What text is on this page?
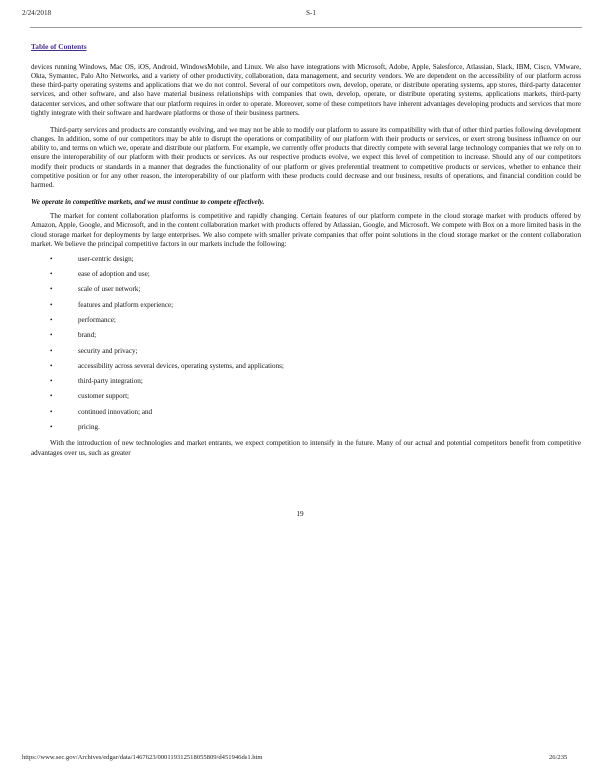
2/24/2018	S-1
Table of Contents

devices running Windows, Mac OS, iOS, Android, WindowsMobile, and Linux. We also have integrations with Microsoft, Adobe, Apple, Salesforce, Atlassian, Slack, IBM, Cisco, VMware, Okta, Symantec, Palo Alto Networks, and a variety of other productivity, collaboration, data management, and security vendors. We are dependent on the accessibility of our platform across these third-party operating systems and applications that we do not control. Several of our competitors own, develop, operate, or distribute operating systems, app stores, third-party datacenter services, and other software, and also have material business relationships with companies that own, develop, operate, or distribute operating systems, applications markets, third-party datacenter services, and other software that our platform requires in order to operate. Moreover, some of these competitors have inherent advantages developing products and services that more tightly integrate with their software and hardware platforms or those of their business partners.

Third-party services and products are constantly evolving, and we may not be able to modify our platform to assure its compatibility with that of other third parties following development changes. In addition, some of our competitors may be able to disrupt the operations or compatibility of our platform with their products or services, or exert strong business influence on our ability to, and terms on which we, operate and distribute our platform. For example, we currently offer products that directly compete with several large technology companies that we rely on to ensure the interoperability of our platform with their products or services. As our respective products evolve, we expect this level of competition to increase. Should any of our competitors modify their products or standards in a manner that degrades the functionality of our platform or gives preferential treatment to competitive products or services, whether to enhance their competitive position or for any other reason, the interoperability of our platform with these products could decrease and our business, results of operations, and financial condition could be harmed.

We operate in competitive markets, and we must continue to compete effectively.

The market for content collaboration platforms is competitive and rapidly changing. Certain features of our platform compete in the cloud storage market with products offered by Amazon, Apple, Google, and Microsoft, and in the content collaboration market with products offered by Atlassian, Google, and Microsoft. We compete with Box on a more limited basis in the cloud storage market for deployments by large enterprises. We also compete with smaller private companies that offer point solutions in the cloud storage market or the content collaboration market. We believe the principal competitive factors in our markets include the following:

•	user-centric design;
•	ease of adoption and use;
•	scale of user network;
•	features and platform experience;
•	performance;
•	brand;
•	security and privacy;
•	accessibility across several devices, operating systems, and applications;
•	third-party integration;
•	customer support;
•	continued innovation; and
•	pricing.

With the introduction of new technologies and market entrants, we expect competition to intensify in the future. Many of our actual and potential competitors benefit from competitive advantages over us, such as greater

19
https://www.sec.gov/Archives/edgar/data/1467623/000119312518055809/d451946ds1.htm	26/235
